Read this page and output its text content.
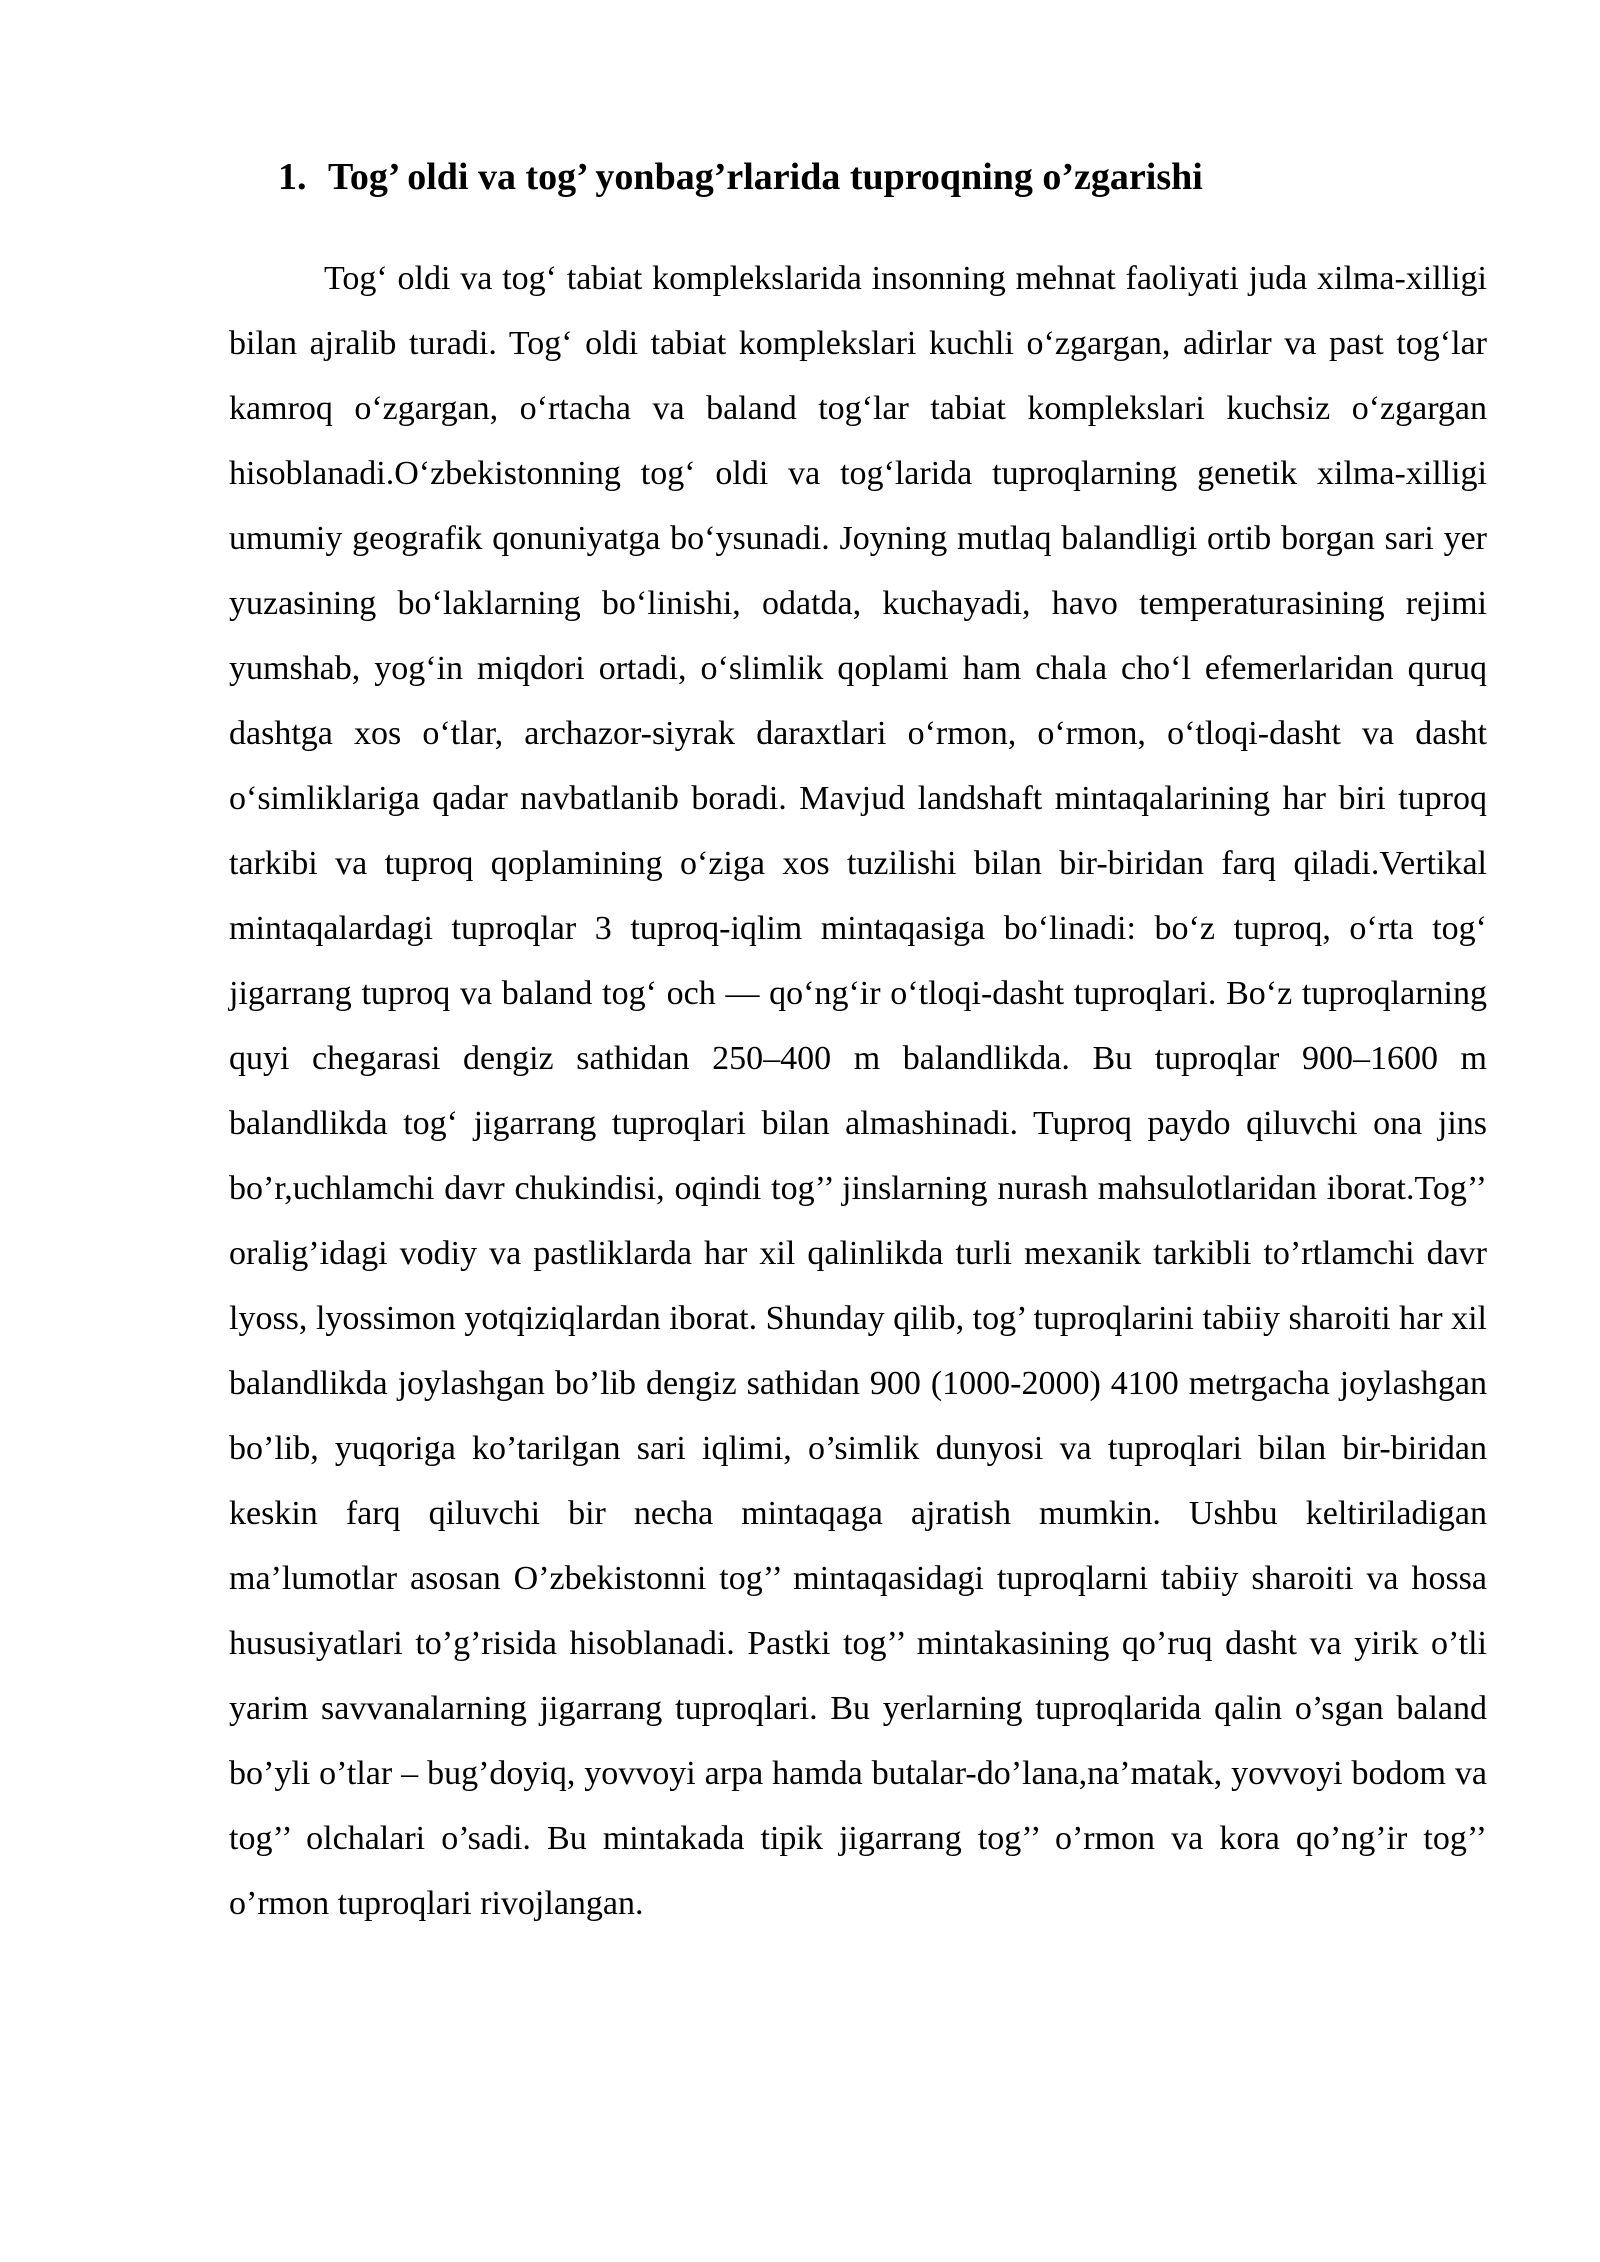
1. Tog’ oldi va tog’ yonbag’rlarida tuproqning o’zgarishi

Tog‘ oldi va tog‘ tabiat komplekslarida insonning mehnat faoliyati juda xilma-xilligi bilan ajralib turadi. Tog‘ oldi tabiat komplekslari kuchli o‘zgargan, adirlar va past tog‘lar kamroq o‘zgargan, o‘rtacha va baland tog‘lar tabiat komplekslari kuchsiz o‘zgargan hisoblanadi.O‘zbekistonning tog‘ oldi va tog‘larida tuproqlarning genetik xilma-xilligi umumiy geografik qonuniyatga bo‘ysunadi. Joyning mutlaq balandligi ortib borgan sari yer yuzasining bo‘laklarning bo‘linishi, odatda, kuchayadi, havo temperaturasining rejimi yumshab, yog‘in miqdori ortadi, o‘slimlik qoplami ham chala cho‘l efemerlaridan quruq dashtga xos o‘tlar, archazor-siyrak daraxtlari o‘rmon, o‘rmon, o‘tloqi-dasht va dasht o‘simliklariga qadar navbatlanib boradi. Mavjud landshaft mintaqalarining har biri tuproq tarkibi va tuproq qoplamining o‘ziga xos tuzilishi bilan bir-biridan farq qiladi.Vertikal mintaqalardagi tuproqlar 3 tuproq-iqlim mintaqasiga bo‘linadi: bo‘z tuproq, o‘rta tog‘ jigarrang tuproq va baland tog‘ och — qo‘ng‘ir o‘tloqi-dasht tuproqlari. Bo‘z tuproqlarning quyi chegarasi dengiz sathidan 250–400 m balandlikda. Bu tuproqlar 900–1600 m balandlikda tog‘ jigarrang tuproqlari bilan almashinadi. Tuproq paydo qiluvchi ona jins bo’r,uchlamchi davr chukindisi, oqindi tog’’ jinslarning nurash mahsulotlaridan iborat.Tog’’ oralig’idagi vodiy va pastliklarda har xil qalinlikda turli mexanik tarkibli to’rtlamchi davr lyoss, lyossimon yotqiziqlardan iborat. Shunday qilib, tog’ tuproqlarini tabiiy sharoiti har xil balandlikda joylashgan bo’lib dengiz sathidan 900 (1000-2000) 4100 metrgacha joylashgan bo’lib, yuqoriga ko’tarilgan sari iqlimi, o’simlik dunyosi va tuproqlari bilan bir-biridan keskin farq qiluvchi bir necha mintaqaga ajratish mumkin. Ushbu keltiriladigan ma’lumotlar asosan O’zbekistonni tog’’ mintaqasidagi tuproqlarni tabiiy sharoiti va hossa hususiyatlari to’g’risida hisoblanadi. Pastki tog’’ mintakasining qo’ruq dasht va yirik o’tli yarim savvanalarning jigarrang tuproqlari. Bu yerlarning tuproqlarida qalin o’sgan baland bo’yli o’tlar – bug’doyiq, yovvoyi arpa hamda butalar-do’lana,na’matak, yovvoyi bodom va tog’’ olchalari o’sadi. Bu mintakada tipik jigarrang tog’’ o’rmon va kora qo’ng’ir tog’’ o’rmon tuproqlari rivojlangan.
